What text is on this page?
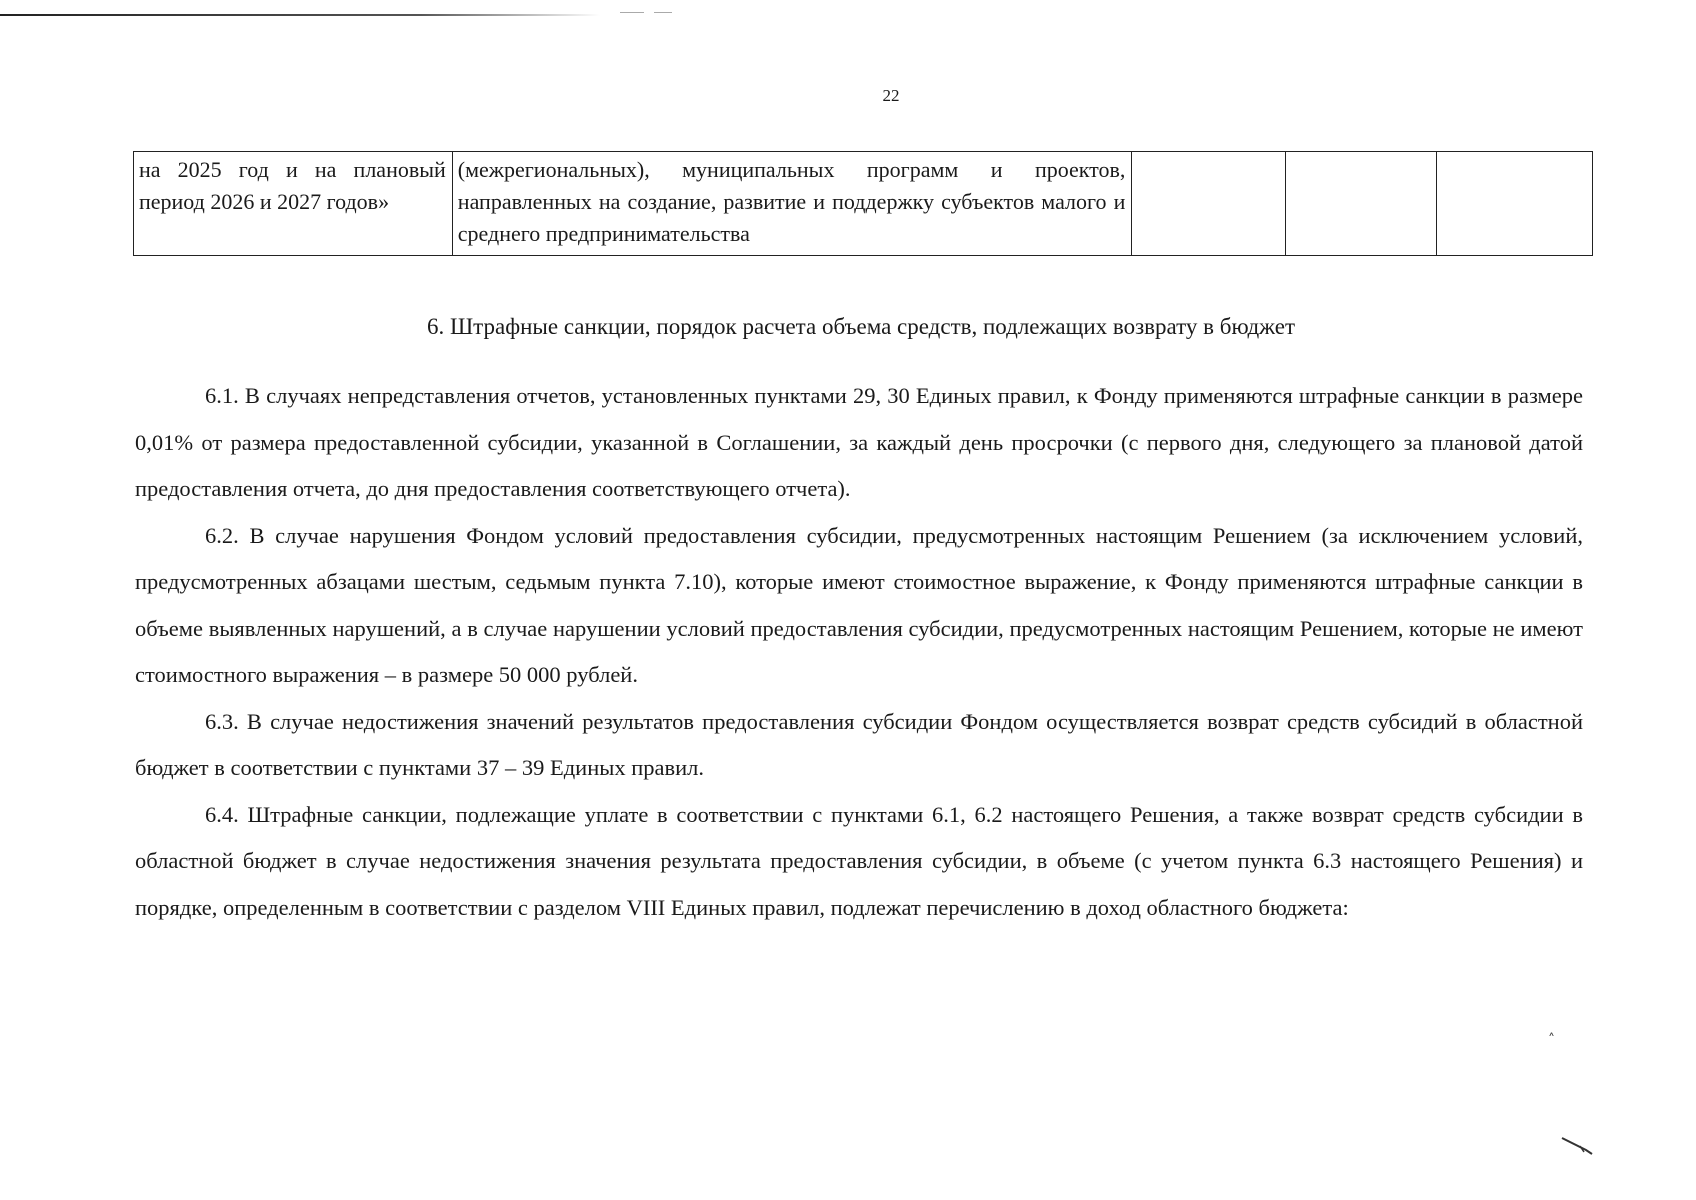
22
на 2025 год и на плановый период 2026 и 2027 годов»	(межрегиональных), муниципальных программ и проектов, направленных на создание, развитие и поддержку субъектов малого и среднего предпринимательства			
6. Штрафные санкции, порядок расчета объема средств, подлежащих возврату в бюджет

6.1. В случаях непредставления отчетов, установленных пунктами 29, 30 Единых правил, к Фонду применяются штрафные санкции в размере 0,01% от размера предоставленной субсидии, указанной в Соглашении, за каждый день просрочки (с первого дня, следующего за плановой датой предоставления отчета, до дня предоставления соответствующего отчета).

6.2. В случае нарушения Фондом условий предоставления субсидии, предусмотренных настоящим Решением (за исключением условий, предусмотренных абзацами шестым, седьмым пункта 7.10), которые имеют стоимостное выражение, к Фонду применяются штрафные санкции в объеме выявленных нарушений, а в случае нарушении условий предоставления субсидии, предусмотренных настоящим Решением, которые не имеют стоимостного выражения – в размере 50 000 рублей.

6.3. В случае недостижения значений результатов предоставления субсидии Фондом осуществляется возврат средств субсидий в областной бюджет в соответствии с пунктами 37 – 39 Единых правил.

6.4. Штрафные санкции, подлежащие уплате в соответствии с пунктами 6.1, 6.2 настоящего Решения, а также возврат средств субсидии в областной бюджет в случае недостижения значения результата предоставления субсидии, в объеме (с учетом пункта 6.3 настоящего Решения) и порядке, определенным в соответствии с разделом VIII Единых правил, подлежат перечислению в доход областного бюджета:

˄
